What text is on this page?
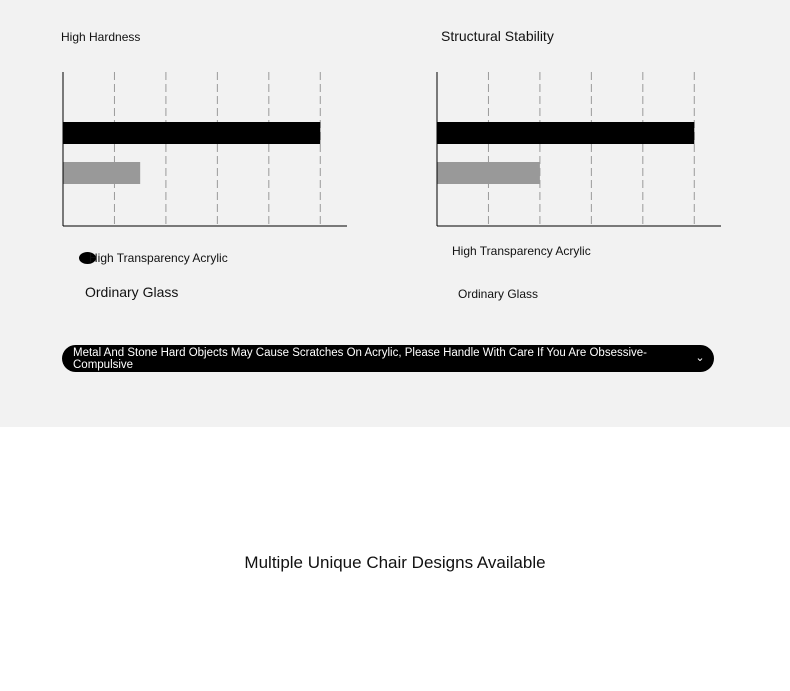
High Hardness
High Transparency Acrylic
Ordinary Glass
Structural Stability
High Transparency Acrylic
Ordinary Glass
Metal And Stone Hard Objects May Cause Scratches On Acrylic, Please Handle With Care If You Are Obsessive-Compulsive
⌄
Multiple Unique Chair Designs Available
